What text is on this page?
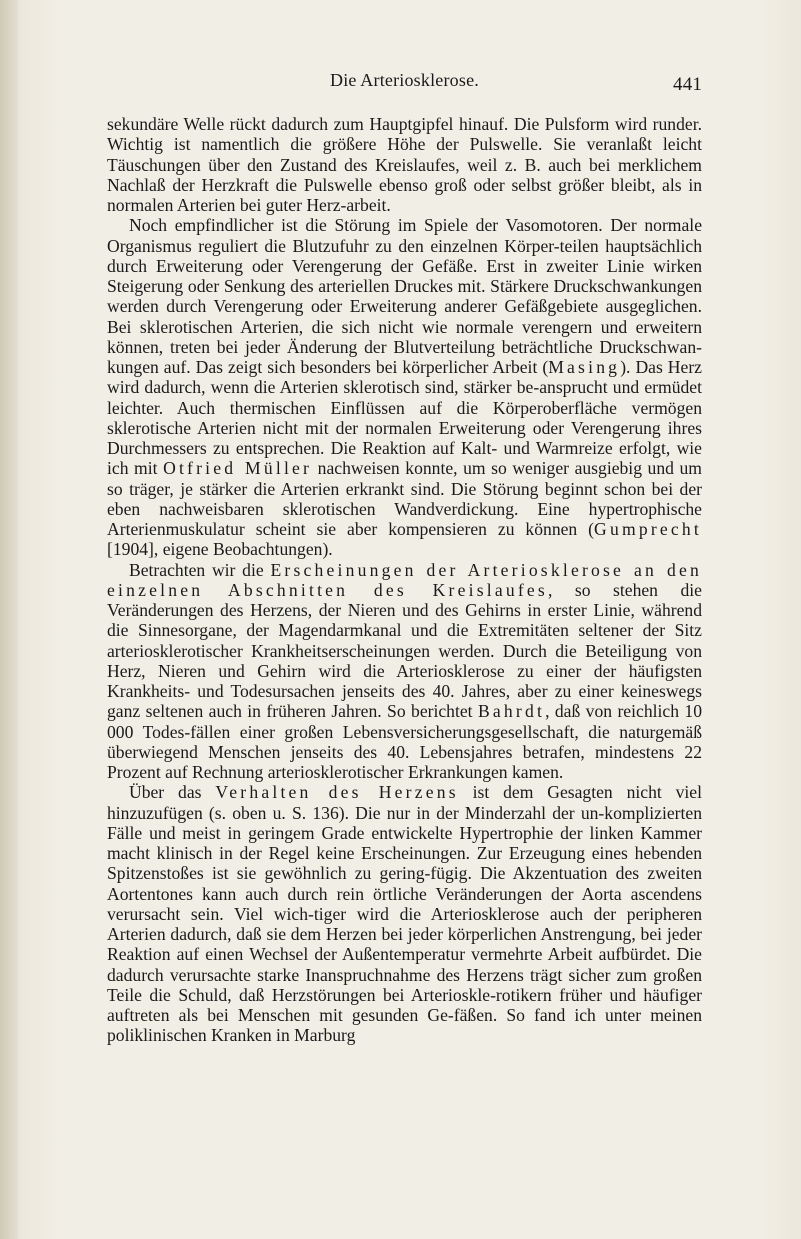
Die Arteriosklerose.	441

sekundäre Welle rückt dadurch zum Hauptgipfel hinauf. Die Pulsform wird runder. Wichtig ist namentlich die größere Höhe der Pulswelle. Sie veranlaßt leicht Täuschungen über den Zustand des Kreislaufes, weil z. B. auch bei merklichem Nachlaß der Herzkraft die Pulswelle ebenso groß oder selbst größer bleibt, als in normalen Arterien bei guter Herz-arbeit.

Noch empfindlicher ist die Störung im Spiele der Vasomotoren. Der normale Organismus reguliert die Blutzufuhr zu den einzelnen Körper-teilen hauptsächlich durch Erweiterung oder Verengerung der Gefäße. Erst in zweiter Linie wirken Steigerung oder Senkung des arteriellen Druckes mit. Stärkere Druckschwankungen werden durch Verengerung oder Erweiterung anderer Gefäßgebiete ausgeglichen. Bei sklerotischen Arterien, die sich nicht wie normale verengern und erweitern können, treten bei jeder Änderung der Blutverteilung beträchtliche Druckschwan-kungen auf. Das zeigt sich besonders bei körperlicher Arbeit (Masing). Das Herz wird dadurch, wenn die Arterien sklerotisch sind, stärker be-ansprucht und ermüdet leichter. Auch thermischen Einflüssen auf die Körperoberfläche vermögen sklerotische Arterien nicht mit der normalen Erweiterung oder Verengerung ihres Durchmessers zu entsprechen. Die Reaktion auf Kalt- und Warmreize erfolgt, wie ich mit Otfried Müller nachweisen konnte, um so weniger ausgiebig und um so träger, je stärker die Arterien erkrankt sind. Die Störung beginnt schon bei der eben nachweisbaren sklerotischen Wandverdickung. Eine hypertrophische Arterienmuskulatur scheint sie aber kompensieren zu können (Gumprecht [1904], eigene Beobachtungen).

Betrachten wir die Erscheinungen der Arteriosklerose an den einzelnen Abschnitten des Kreislaufes, so stehen die Veränderungen des Herzens, der Nieren und des Gehirns in erster Linie, während die Sinnesorgane, der Magendarmkanal und die Extremitäten seltener der Sitz arteriosklerotischer Krankheitserscheinungen werden. Durch die Beteiligung von Herz, Nieren und Gehirn wird die Arteriosklerose zu einer der häufigsten Krankheits- und Todesursachen jenseits des 40. Jahres, aber zu einer keineswegs ganz seltenen auch in früheren Jahren. So berichtet Bahrdt, daß von reichlich 10 000 Todes-fällen einer großen Lebensversicherungsgesellschaft, die naturgemäß überwiegend Menschen jenseits des 40. Lebensjahres betrafen, mindestens 22 Prozent auf Rechnung arteriosklerotischer Erkrankungen kamen.

Über das Verhalten des Herzens ist dem Gesagten nicht viel hinzuzufügen (s. oben u. S. 136). Die nur in der Minderzahl der un-komplizierten Fälle und meist in geringem Grade entwickelte Hypertrophie der linken Kammer macht klinisch in der Regel keine Erscheinungen. Zur Erzeugung eines hebenden Spitzenstoßes ist sie gewöhnlich zu gering-fügig. Die Akzentuation des zweiten Aortentones kann auch durch rein örtliche Veränderungen der Aorta ascendens verursacht sein. Viel wich-tiger wird die Arteriosklerose auch der peripheren Arterien dadurch, daß sie dem Herzen bei jeder körperlichen Anstrengung, bei jeder Reaktion auf einen Wechsel der Außentemperatur vermehrte Arbeit aufbürdet. Die dadurch verursachte starke Inanspruchnahme des Herzens trägt sicher zum großen Teile die Schuld, daß Herzstörungen bei Arterioskle-rotikern früher und häufiger auftreten als bei Menschen mit gesunden Ge-fäßen. So fand ich unter meinen poliklinischen Kranken in Marburg
